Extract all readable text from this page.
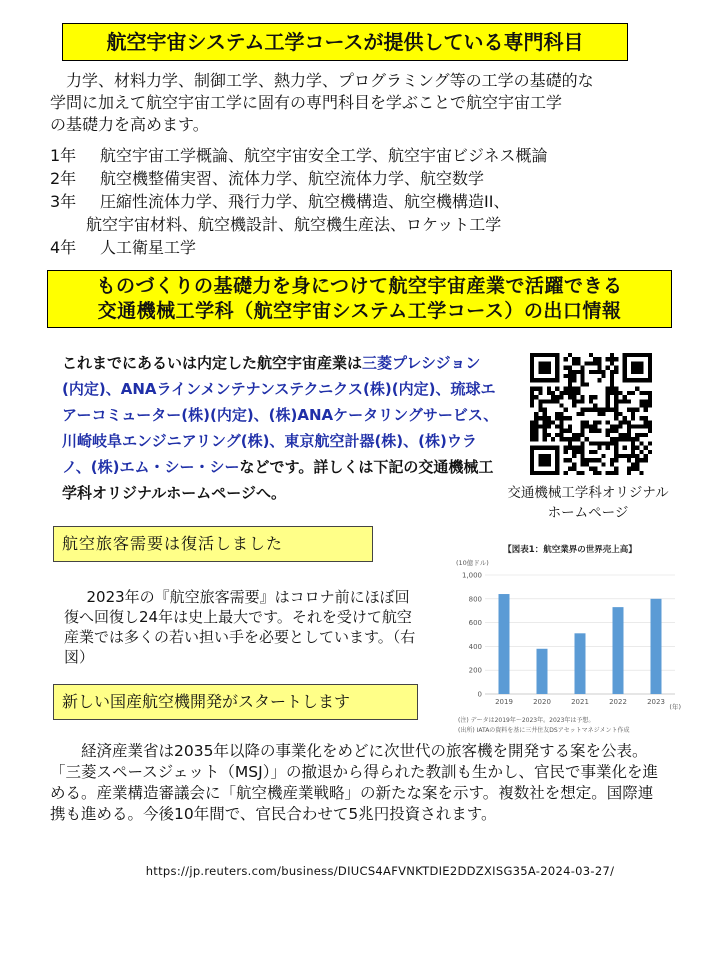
航空宇宙システム工学コースが提供している専門科目

　力学、材料力学、制御工学、熱力学、プログラミング等の工学の基礎的な
学問に加えて航空宇宙工学に固有の専門科目を学ぶことで航空宇宙工学
の基礎力を高めます。

1年	航空宇宙工学概論、航空宇宙安全工学、航空宇宙ビジネス概論
2年	航空機整備実習、流体力学、航空流体力学、航空数学
3年	圧縮性流体力学、飛行力学、航空機構造、航空機構造II、
航空宇宙材料、航空機設計、航空機生産法、ロケット工学
4年	人工衛星工学
ものづくりの基礎力を身につけて航空宇宙産業で活躍できる
交通機械工学科（航空宇宙システム工学コース）の出口情報
これまでにあるいは内定した航空宇宙産業は三菱プレシジョン(内定)、ANAラインメンテナンステクニクス(株)(内定)、琉球エアーコミューター(株)(内定)、(株)ANAケータリングサービス、川崎岐阜エンジニアリング(株)、東京航空計器(株)、(株)ウラノ、(株)エム・シー・シーなどです。詳しくは下記の交通機械工学科オリジナルホームページへ。	交通機械工学科オリジナルホームページ
航空旅客需要は復活しました

2023年の『航空旅客需要』はコロナ前にほぼ回復へ回復し24年は史上最大です。それを受けて航空産業では多くの若い担い手を必要としています。（右図）

【図表1：航空業界の世界売上高】
(10億ドル)
(年)
(注) データは2019年〜2023年。2023年は予想。
(出所) IATAの資料を基に三井住友DSアセットマネジメント作成
0
200
400
600
800
1,000
2019	2020	2021	2022	2023
新しい国産航空機開発がスタートします

経済産業省は2035年以降の事業化をめどに次世代の旅客機を開発する案を公表。「三菱スペースジェット（MSJ）」の撤退から得られた教訓も生かし、官民で事業化を進める。産業構造審議会に「航空機産業戦略」の新たな案を示す。複数社を想定。国際連携も進める。今後10年間で、官民合わせて5兆円投資されます。

https://jp.reuters.com/business/DIUCS4AFVNKTDIE2DDZXISG35A-2024-03-27/
